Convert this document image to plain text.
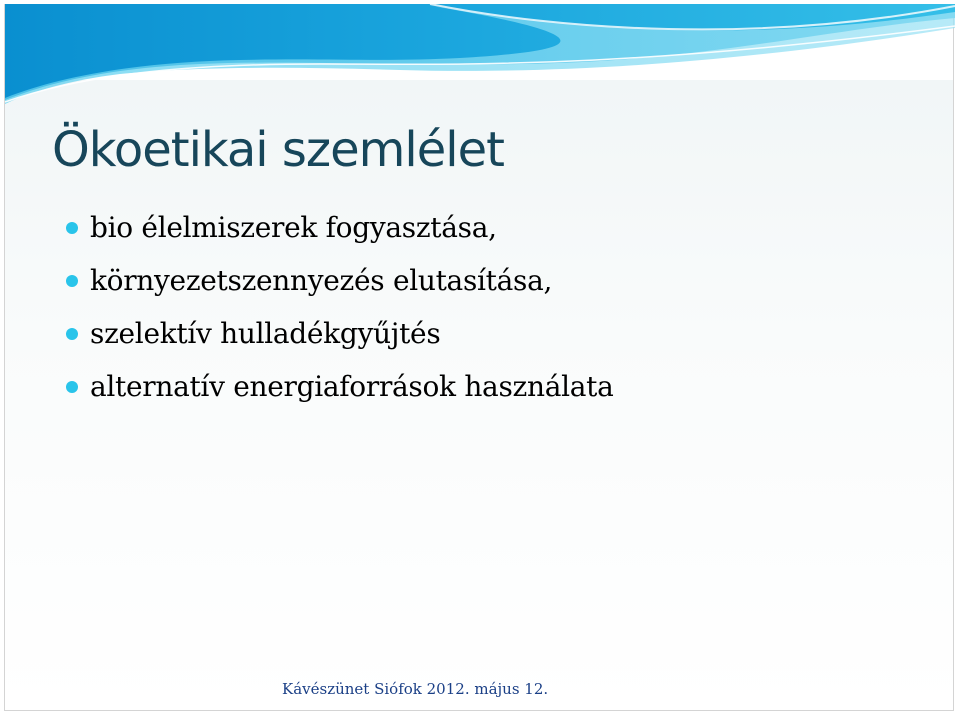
Ökoetikai szemlélet
bio élelmiszerek fogyasztása,
környezetszennyezés elutasítása,
szelektív hulladékgyűjtés
alternatív energiaforrások használata
Kávészünet Siófok 2012. május 12.
